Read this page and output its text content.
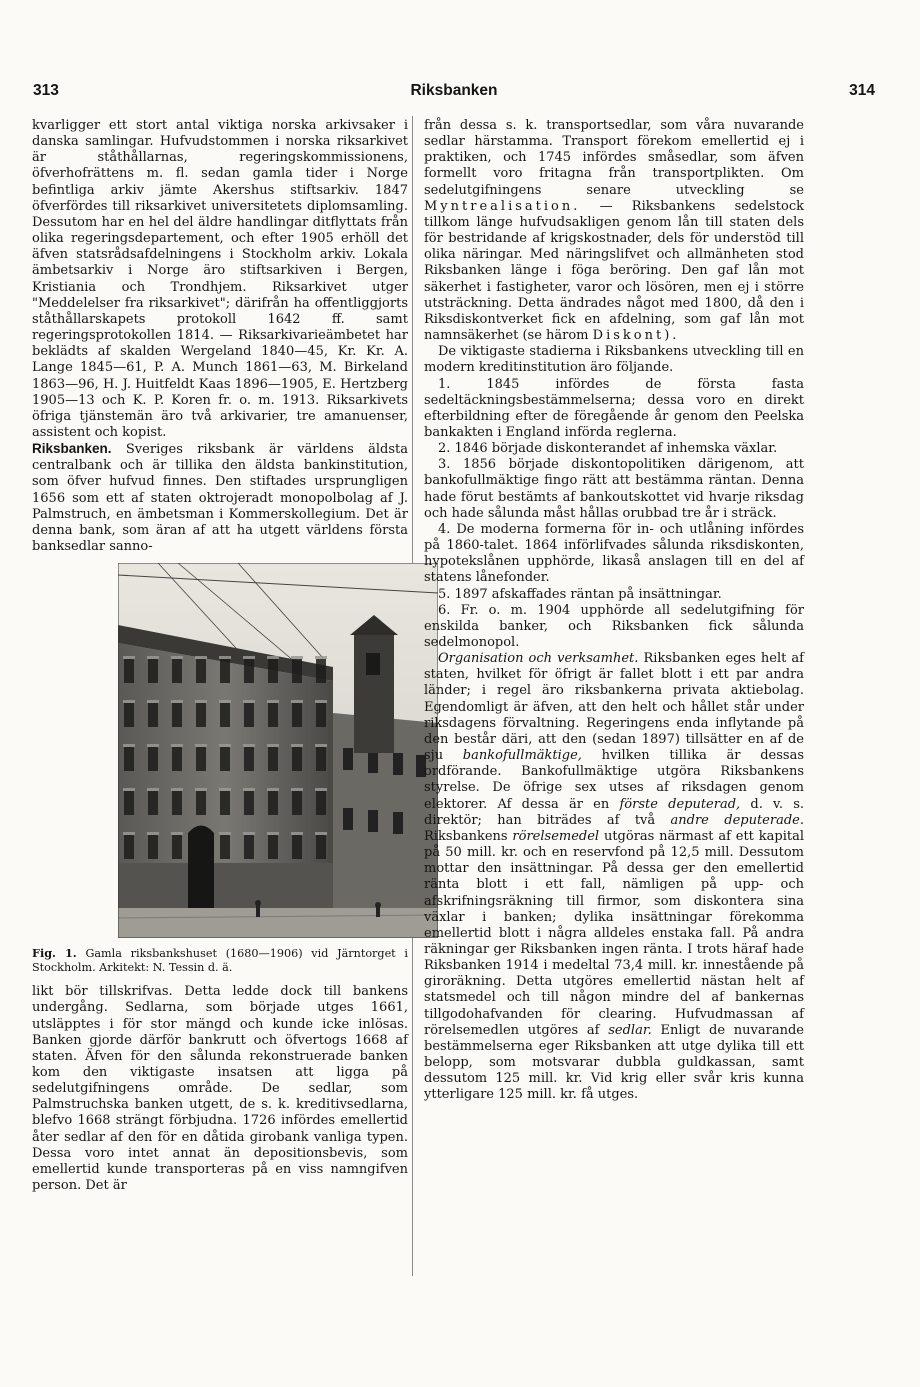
313	Riksbanken	314

kvarligger ett stort antal viktiga norska arkivsaker i danska samlingar. Hufvudstommen i norska riksarkivet är ståthållarnas, regeringskommissionens, öfverhofrättens m. fl. sedan gamla tider i Norge befintliga arkiv jämte Akershus stiftsarkiv. 1847 öfverfördes till riksarkivet universitetets diplomsamling. Dessutom har en hel del äldre handlingar ditflyttats från olika regeringsdepartement, och efter 1905 erhöll det äfven statsrådsafdelningens i Stockholm arkiv. Lokala ämbetsarkiv i Norge äro stiftsarkiven i Bergen, Kristiania och Trondhjem. Riksarkivet utger "Meddelelser fra riksarkivet"; därifrån ha offentliggjorts ståthållarskapets protokoll 1642 ff. samt regeringsprotokollen 1814. — Riksarkivarieämbetet har beklädts af skalden Wergeland 1840—45, Kr. Kr. A. Lange 1845—61, P. A. Munch 1861—63, M. Birkeland 1863—96, H. J. Huitfeldt Kaas 1896—1905, E. Hertzberg 1905—13 och K. P. Koren fr. o. m. 1913. Riksarkivets öfriga tjänstemän äro två arkivarier, tre amanuenser, assistent och kopist.

Riksbanken. Sveriges riksbank är världens äldsta centralbank och är tillika den äldsta bankinstitution, som öfver hufvud finnes. Den stiftades ursprungligen 1656 som ett af staten oktrojeradt monopolbolag af J. Palmstruch, en ämbetsman i Kommerskollegium. Det är denna bank, som äran af att ha utgett världens första banksedlar sanno-

Fig. 1. Gamla riksbankshuset (1680—1906) vid Järntorget i Stockholm. Arkitekt: N. Tessin d. ä.

likt bör tillskrifvas. Detta ledde dock till bankens undergång. Sedlarna, som började utges 1661, utsläpptes i för stor mängd och kunde icke inlösas. Banken gjorde därför bankrutt och öfvertogs 1668 af staten. Äfven för den sålunda rekonstruerade banken kom den viktigaste insatsen att ligga på sedelutgifningens område. De sedlar, som Palmstruchska banken utgett, de s. k. kreditivsedlarna, blefvo 1668 strängt förbjudna. 1726 infördes emellertid åter sedlar af den för en dåtida girobank vanliga typen. Dessa voro intet annat än depositionsbevis, som emellertid kunde transporteras på en viss namngifven person. Det är

från dessa s. k. transportsedlar, som våra nuvarande sedlar härstamma. Transport förekom emellertid ej i praktiken, och 1745 infördes småsedlar, som äfven formellt voro fritagna från transportplikten. Om sedelutgifningens senare utveckling se Myntrealisation. — Riksbankens sedelstock tillkom länge hufvudsakligen genom lån till staten dels för bestridande af krigskostnader, dels för understöd till olika näringar. Med näringslifvet och allmänheten stod Riksbanken länge i föga beröring. Den gaf lån mot säkerhet i fastigheter, varor och lösören, men ej i större utsträckning. Detta ändrades något med 1800, då den i Riksdiskontverket fick en afdelning, som gaf lån mot namnsäkerhet (se härom Diskont).

De viktigaste stadierna i Riksbankens utveckling till en modern kreditinstitution äro följande.

1. 1845 infördes de första fasta sedeltäckningsbestämmelserna; dessa voro en direkt efterbildning efter de föregående år genom den Peelska bankakten i England införda reglerna.

2. 1846 började diskonterandet af inhemska växlar.

3. 1856 började diskontopolitiken därigenom, att bankofullmäktige fingo rätt att bestämma räntan. Denna hade förut bestämts af bankoutskottet vid hvarje riksdag och hade sålunda måst hållas orubbad tre år i sträck.

4. De moderna formerna för in- och utlåning infördes på 1860-talet. 1864 införlifvades sålunda riksdiskonten, hypotekslånen upphörde, likaså anslagen till en del af statens lånefonder.

5. 1897 afskaffades räntan på insättningar.

6. Fr. o. m. 1904 upphörde all sedelutgifning för enskilda banker, och Riksbanken fick sålunda sedelmonopol.

Organisation och verksamhet. Riksbanken eges helt af staten, hvilket för öfrigt är fallet blott i ett par andra länder; i regel äro riksbankerna privata aktiebolag. Egendomligt är äfven, att den helt och hållet står under riksdagens förvaltning. Regeringens enda inflytande på den består däri, att den (sedan 1897) tillsätter en af de sju bankofullmäktige, hvilken tillika är dessas ordförande. Bankofullmäktige utgöra Riksbankens styrelse. De öfrige sex utses af riksdagen genom elektorer. Af dessa är en förste deputerad, d. v. s. direktör; han biträdes af två andre deputerade. Riksbankens rörelsemedel utgöras närmast af ett kapital på 50 mill. kr. och en reservfond på 12,5 mill. Dessutom mottar den insättningar. På dessa ger den emellertid ränta blott i ett fall, nämligen på upp- och afskrifningsräkning till firmor, som diskontera sina växlar i banken; dylika insättningar förekomma emellertid blott i några alldeles enstaka fall. På andra räkningar ger Riksbanken ingen ränta. I trots häraf hade Riksbanken 1914 i medeltal 73,4 mill. kr. innestående på giroräkning. Detta utgöres emellertid nästan helt af statsmedel och till någon mindre del af bankernas tillgodohafvanden för clearing. Hufvudmassan af rörelsemedlen utgöres af sedlar. Enligt de nuvarande bestämmelserna eger Riksbanken att utge dylika till ett belopp, som motsvarar dubbla guldkassan, samt dessutom 125 mill. kr. Vid krig eller svår kris kunna ytterligare 125 mill. kr. få utges.
